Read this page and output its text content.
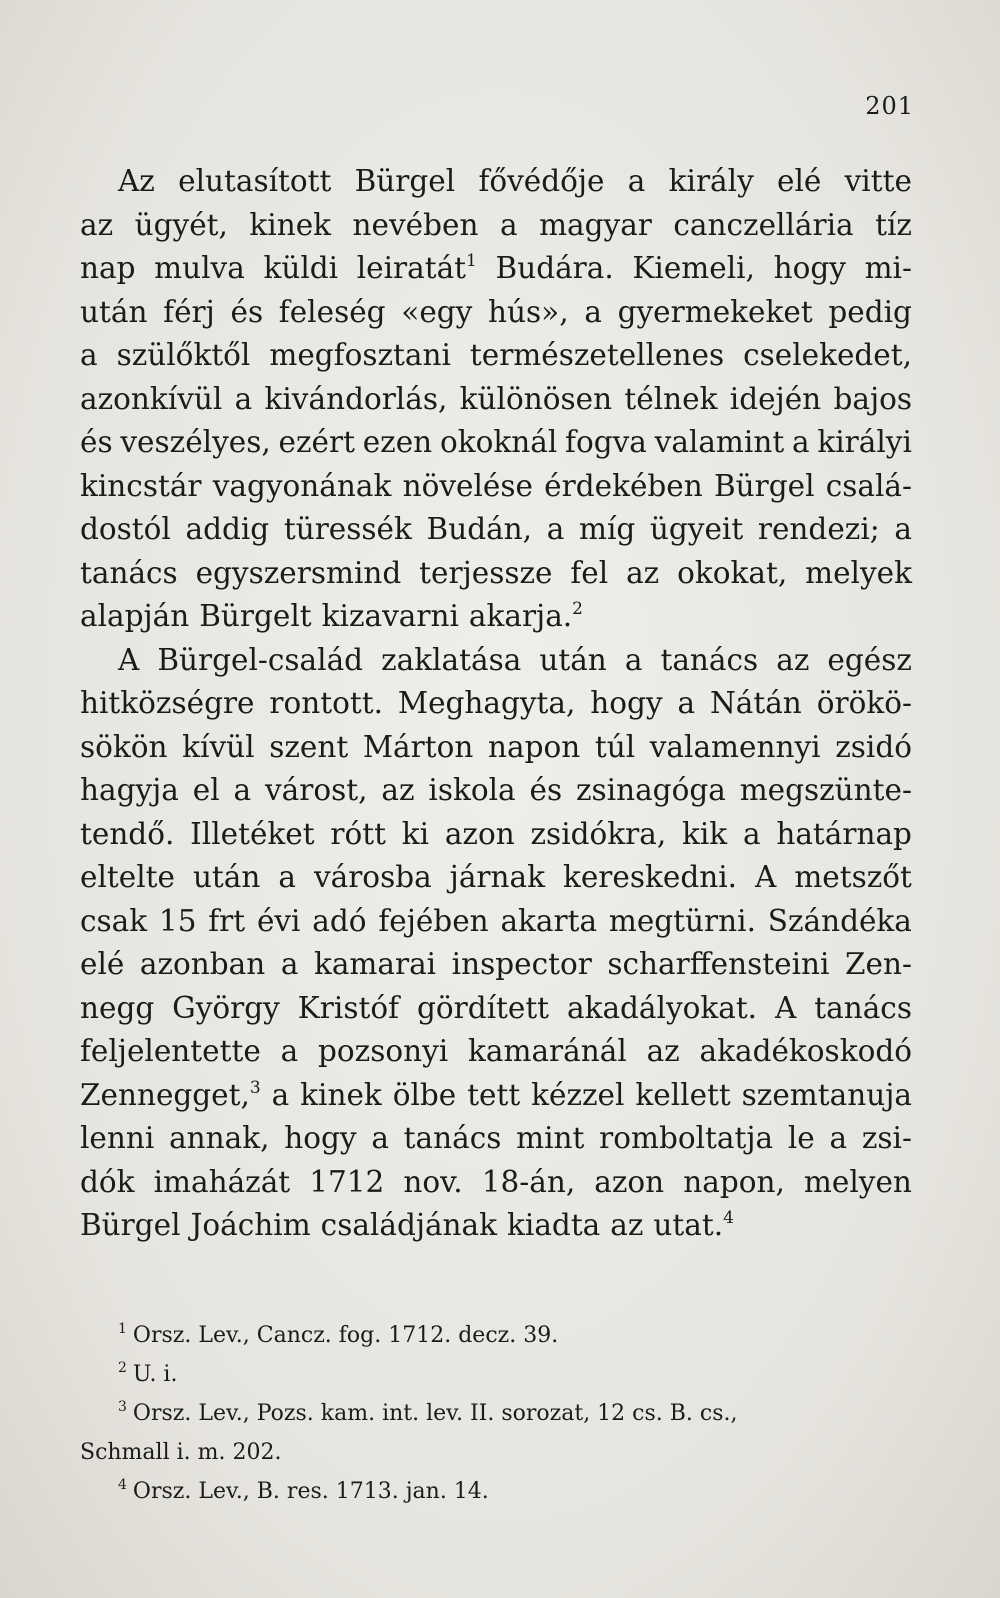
201
Az elutasított Bürgel fővédője a király elé vitte
az ügyét, kinek nevében a magyar canczellária tíz
nap mulva küldi leiratát$^1$ Budára. Kiemeli, hogy mi-
után férj és feleség «egy hús», a gyermekeket pedig
a szülőktől megfosztani természetellenes cselekedet,
azonkívül a kivándorlás, különösen télnek idején bajos
és veszélyes, ezért ezen okoknál fogva valamint a királyi
kincstár vagyonának növelése érdekében Bürgel csalá-
dostól addig türessék Budán, a míg ügyeit rendezi; a
tanács egyszersmind terjessze fel az okokat, melyek
alapján Bürgelt kizavarni akarja.$^2$
A Bürgel-család zaklatása után a tanács az egész
hitközségre rontott. Meghagyta, hogy a Nátán örökö-
sökön kívül szent Márton napon túl valamennyi zsidó
hagyja el a várost, az iskola és zsinagóga megszünte-
tendő. Illetéket rótt ki azon zsidókra, kik a határnap
eltelte után a városba járnak kereskedni. A metszőt
csak 15 frt évi adó fejében akarta megtürni. Szándéka
elé azonban a kamarai inspector scharffensteini Zen-
negg György Kristóf gördített akadályokat. A tanács
feljelentette a pozsonyi kamaránál az akadékoskodó
Zennegget,$^3$ a kinek ölbe tett kézzel kellett szemtanuja
lenni annak, hogy a tanács mint romboltatja le a zsi-
dók imaházát 1712 nov. 18-án, azon napon, melyen
Bürgel Joáchim családjának kiadta az utat.$^4$
$^1$ Orsz. Lev., Cancz. fog. 1712. decz. 39.
$^2$ U. i.
$^3$ Orsz. Lev., Pozs. kam. int. lev. II. sorozat, 12 cs. B. cs.,
Schmall i. m. 202.
$^4$ Orsz. Lev., B. res. 1713. jan. 14.
